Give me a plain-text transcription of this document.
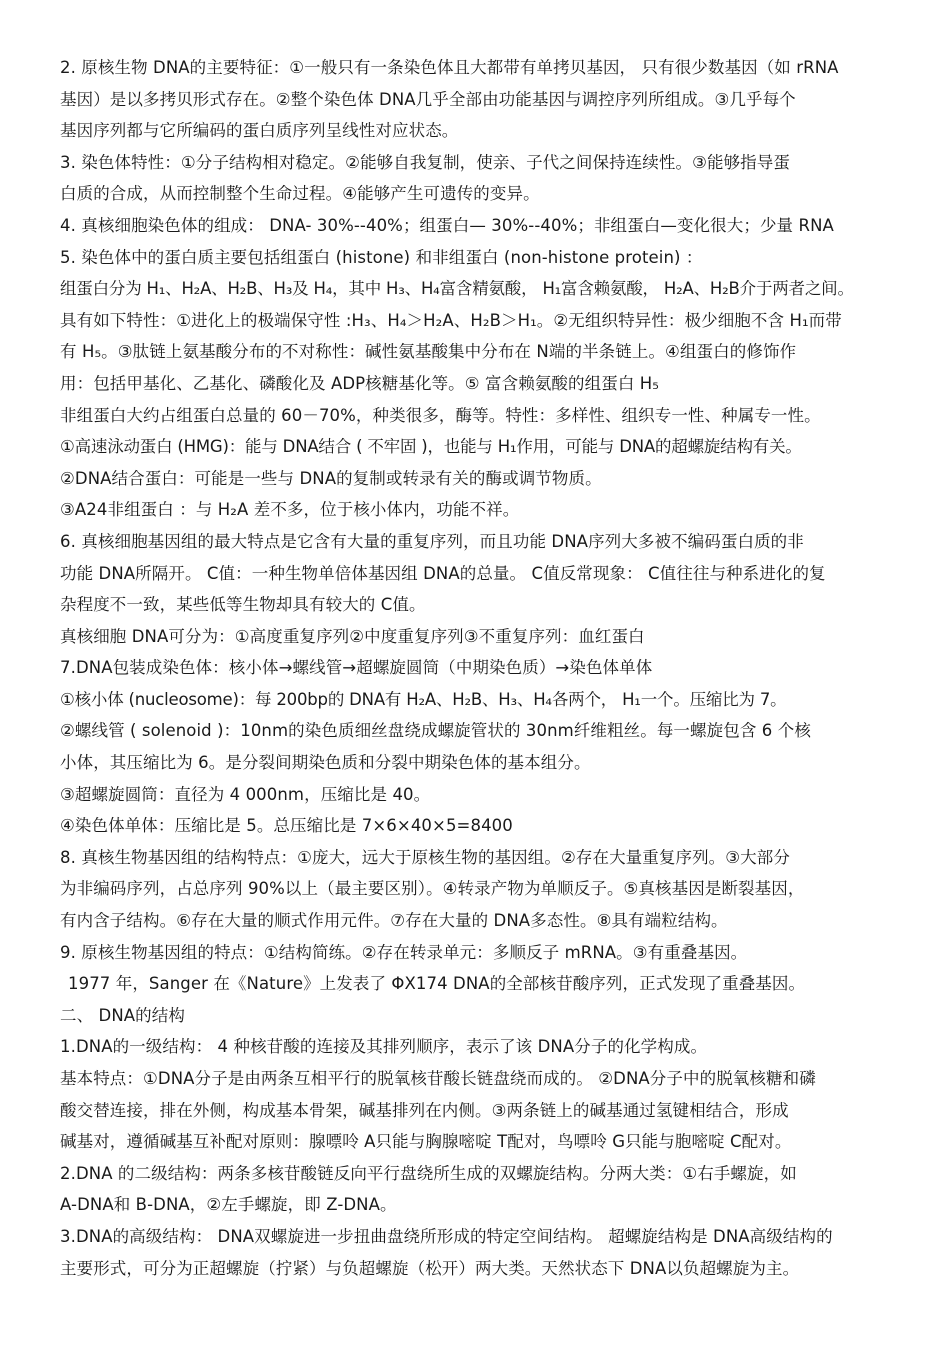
2. 原核生物 DNA的主要特征：①一般只有一条染色体且大都带有单拷贝基因， 只有很少数基因（如 rRNA
基因）是以多拷贝形式存在。②整个染色体 DNA几乎全部由功能基因与调控序列所组成。③几乎每个
基因序列都与它所编码的蛋白质序列呈线性对应状态。
3. 染色体特性：①分子结构相对稳定。②能够自我复制，使亲、子代之间保持连续性。③能够指导蛋
白质的合成，从而控制整个生命过程。④能够产生可遗传的变异。
4. 真核细胞染色体的组成： DNA- 30%--40%；组蛋白— 30%--40%；非组蛋白—变化很大；少量 RNA
5. 染色体中的蛋白质主要包括组蛋白 (histone) 和非组蛋白 (non-histone protein) ：
组蛋白分为 H₁、H₂A、H₂B、H₃及 H₄，其中 H₃、H₄富含精氨酸， H₁富含赖氨酸， H₂A、H₂B介于两者之间。
具有如下特性：①进化上的极端保守性 :H₃、H₄＞H₂A、H₂B＞H₁。②无组织特异性：极少细胞不含 H₁而带
有 H₅。③肽链上氨基酸分布的不对称性：碱性氨基酸集中分布在 N端的半条链上。④组蛋白的修饰作
用：包括甲基化、乙基化、磷酸化及 ADP核糖基化等。⑤ 富含赖氨酸的组蛋白 H₅
非组蛋白大约占组蛋白总量的 60－70%，种类很多，酶等。特性：多样性、组织专一性、种属专一性。
①高速泳动蛋白 (HMG)：能与 DNA结合 ( 不牢固 )，也能与 H₁作用，可能与 DNA的超螺旋结构有关。
②DNA结合蛋白：可能是一些与 DNA的复制或转录有关的酶或调节物质。
③A24非组蛋白 ：与 H₂A 差不多，位于核小体内，功能不祥。
6. 真核细胞基因组的最大特点是它含有大量的重复序列，而且功能 DNA序列大多被不编码蛋白质的非
功能 DNA所隔开。 C值：一种生物单倍体基因组 DNA的总量。 C值反常现象： C值往往与种系进化的复
杂程度不一致，某些低等生物却具有较大的 C值。
真核细胞 DNA可分为：①高度重复序列②中度重复序列③不重复序列：血红蛋白
7.DNA包装成染色体：核小体→螺线管→超螺旋圆筒（中期染色质）→染色体单体
①核小体 (nucleosome)：每 200bp的 DNA有 H₂A、H₂B、H₃、H₄各两个， H₁一个。压缩比为 7。
②螺线管 ( solenoid )：10nm的染色质细丝盘绕成螺旋管状的 30nm纤维粗丝。每一螺旋包含 6 个核
小体，其压缩比为 6。是分裂间期染色质和分裂中期染色体的基本组分。
③超螺旋圆筒：直径为 4 000nm，压缩比是 40。
④染色体单体：压缩比是 5。总压缩比是 7×6×40×5=8400
8. 真核生物基因组的结构特点：①庞大，远大于原核生物的基因组。②存在大量重复序列。③大部分
为非编码序列，占总序列 90%以上（最主要区别）。④转录产物为单顺反子。⑤真核基因是断裂基因，
有内含子结构。⑥存在大量的顺式作用元件。⑦存在大量的 DNA多态性。⑧具有端粒结构。
9. 原核生物基因组的特点：①结构简练。②存在转录单元：多顺反子 mRNA。③有重叠基因。
1977 年，Sanger 在《Nature》上发表了 ΦX174 DNA的全部核苷酸序列，正式发现了重叠基因。
二、 DNA的结构
1.DNA的一级结构： 4 种核苷酸的连接及其排列顺序，表示了该 DNA分子的化学构成。
基本特点：①DNA分子是由两条互相平行的脱氧核苷酸长链盘绕而成的。 ②DNA分子中的脱氧核糖和磷
酸交替连接，排在外侧，构成基本骨架，碱基排列在内侧。③两条链上的碱基通过氢键相结合，形成
碱基对，遵循碱基互补配对原则：腺嘌呤 A只能与胸腺嘧啶 T配对，鸟嘌呤 G只能与胞嘧啶 C配对。
2.DNA 的二级结构：两条多核苷酸链反向平行盘绕所生成的双螺旋结构。分两大类：①右手螺旋，如
A-DNA和 B-DNA，②左手螺旋，即 Z-DNA。
3.DNA的高级结构： DNA双螺旋进一步扭曲盘绕所形成的特定空间结构。 超螺旋结构是 DNA高级结构的
主要形式，可分为正超螺旋（拧紧）与负超螺旋（松开）两大类。天然状态下 DNA以负超螺旋为主。
